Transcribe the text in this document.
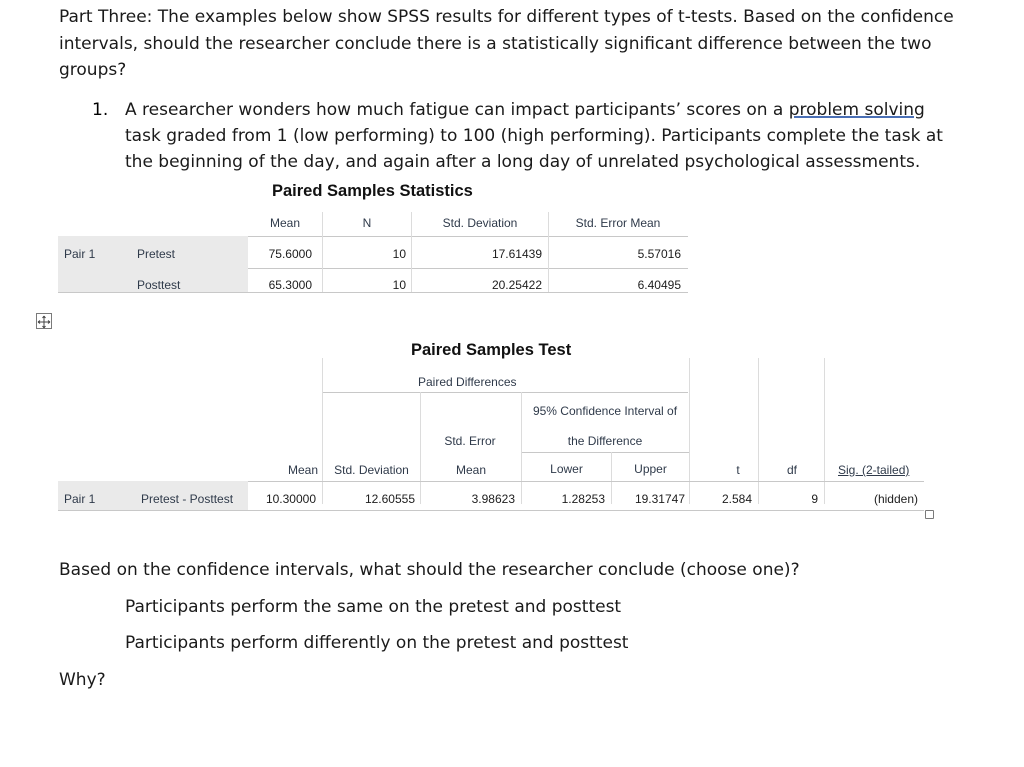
Part Three: The examples below show SPSS results for different types of t-tests. Based on the confidence intervals, should the researcher conclude there is a statistically significant difference between the two groups?
1. A researcher wonders how much fatigue can impact participants’ scores on a problem solving task graded from 1 (low performing) to 100 (high performing). Participants complete the task at the beginning of the day, and again after a long day of unrelated psychological assessments.
Paired Samples Statistics
Mean	N	Std. Deviation	Std. Error Mean
Pair 1	Pretest	75.6000	10	17.61439	5.57016
Posttest	65.3000	10	20.25422	6.40495
Paired Samples Test
Paired Differences
95% Confidence Interval of
the Difference
Std. Error
Mean	Std. Deviation	Mean	Lower	Upper	t	df	Sig. (2-tailed)
Pair 1	Pretest - Posttest	10.30000	12.60555	3.98623	1.28253	19.31747	2.584	9	(hidden)
Based on the confidence intervals, what should the researcher conclude (choose one)?
Participants perform the same on the pretest and posttest
Participants perform differently on the pretest and posttest
Why?
